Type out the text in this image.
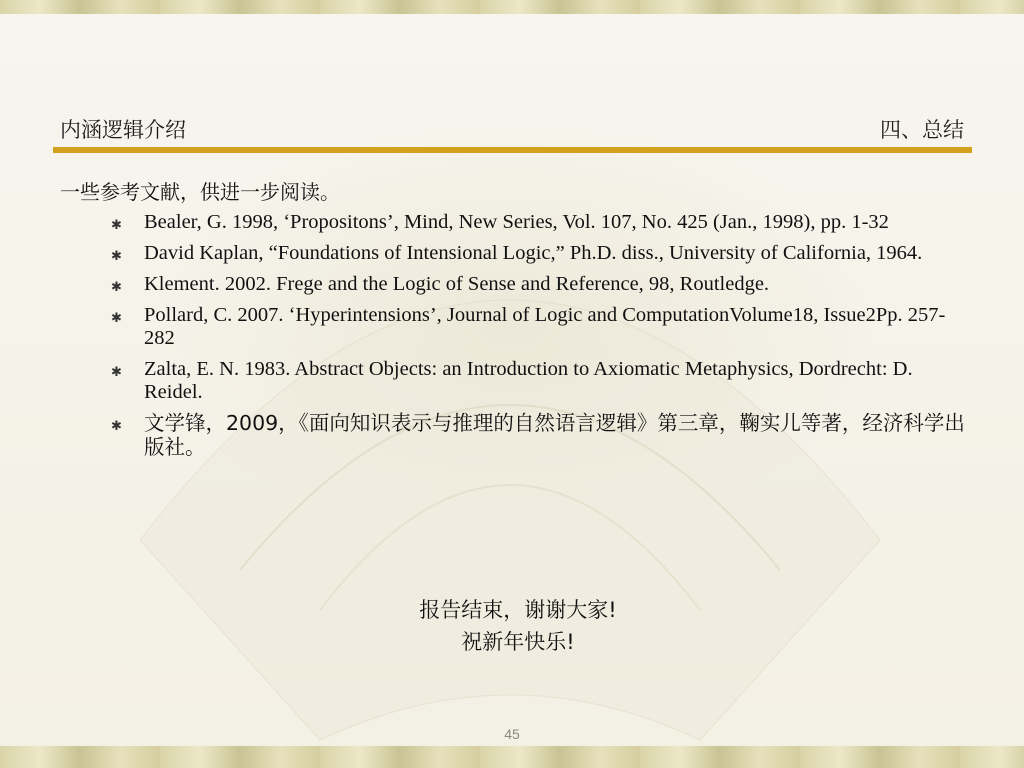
内涵逻辑介绍	四、总结

一些参考文献，供进一步阅读。

✱ Bealer, G. 1998, ‘Propositons’, Mind, New Series, Vol. 107, No. 425 (Jan., 1998), pp. 1-32
✱ David Kaplan, “Foundations of Intensional Logic,” Ph.D. diss., University of California, 1964.
✱ Klement. 2002. Frege and the Logic of Sense and Reference, 98, Routledge.
✱ Pollard, C. 2007. ‘Hyperintensions’, Journal of Logic and ComputationVolume18, Issue2Pp. 257-282
✱ Zalta, E. N. 1983. Abstract Objects: an Introduction to Axiomatic Metaphysics, Dordrecht: D. Reidel.
✱ 文学锋，2009，《面向知识表示与推理的自然语言逻辑》第三章，鞠实儿等著，经济科学出版社。
报告结束，谢谢大家!
祝新年快乐!
45
